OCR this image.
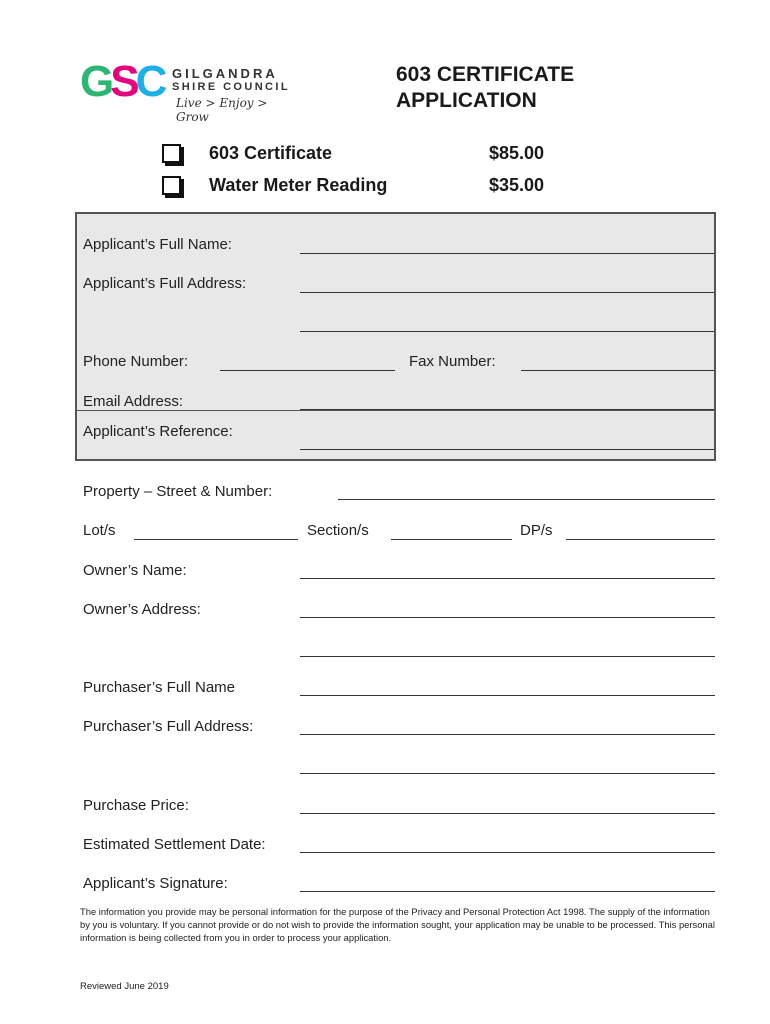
GSC GILGANDRA
SHIRE COUNCIL
Live > Enjoy > Grow
603 CERTIFICATE
APPLICATION
603 Certificate	$85.00
Water Meter Reading	$35.00
Applicant’s Full Name:
Applicant’s Full Address:
Phone Number:	Fax Number:
Email Address:
Applicant’s Reference:
Property – Street & Number:
Lot/s	Section/s	DP/s
Owner’s Name:
Owner’s Address:
Purchaser’s Full Name
Purchaser’s Full Address:
Purchase Price:
Estimated Settlement Date:
Applicant’s Signature:
The information you provide may be personal information for the purpose of the Privacy and Personal Protection Act 1998. The supply of the information by you is voluntary. If you cannot provide or do not wish to provide the information sought, your application may be unable to be processed. This personal information is being collected from you in order to process your application.
Reviewed June 2019
